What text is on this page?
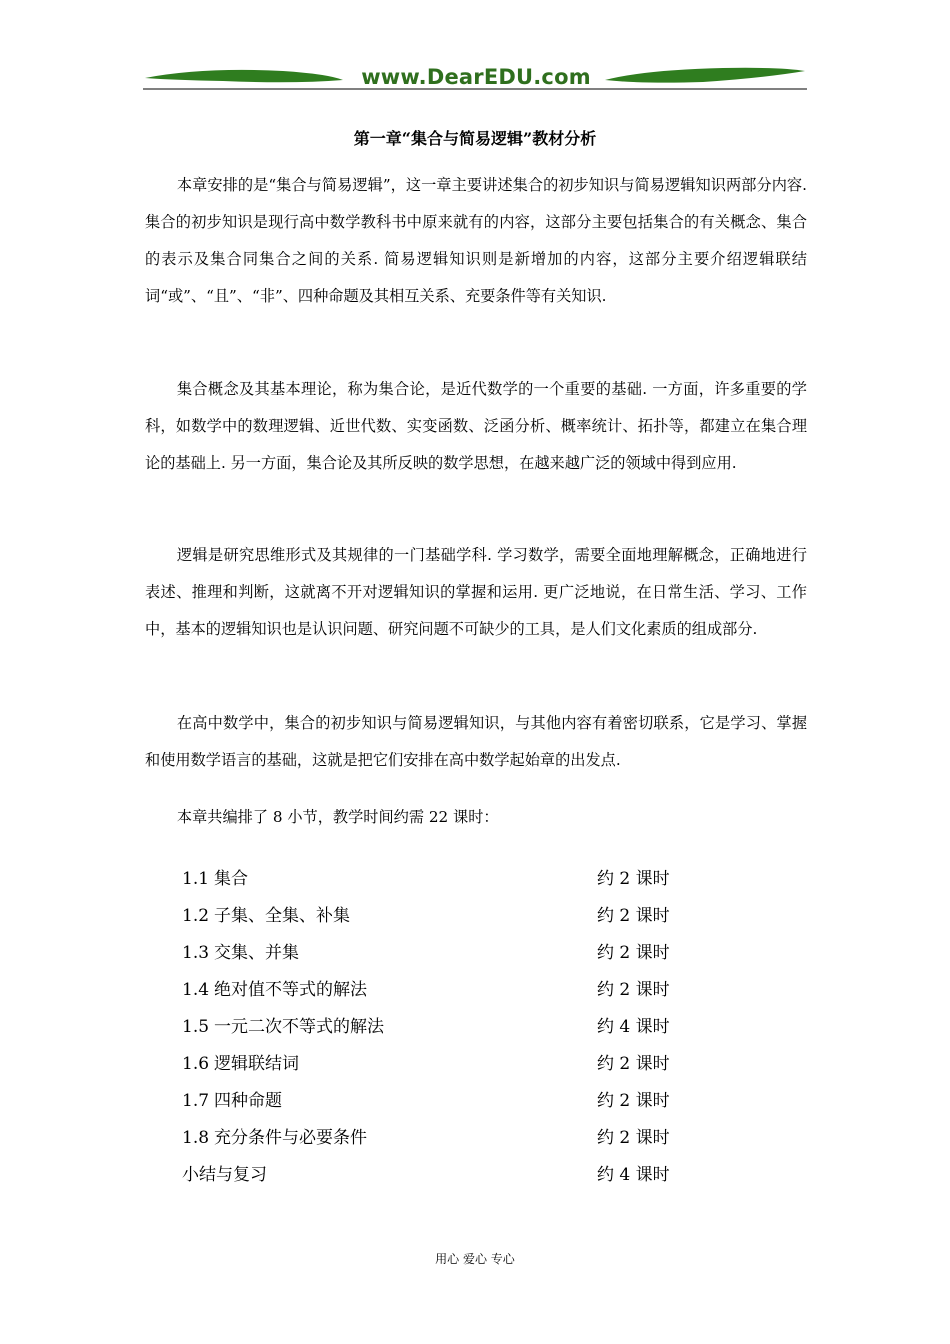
www.DearEDU.com
第一章“集合与简易逻辑”教材分析

本章安排的是“集合与简易逻辑”，这一章主要讲述集合的初步知识与简易逻辑知识两部分内容. 集合的初步知识是现行高中数学教科书中原来就有的内容，这部分主要包括集合的有关概念、集合的表示及集合同集合之间的关系. 简易逻辑知识则是新增加的内容，这部分主要介绍逻辑联结词“或”、“且”、“非”、四种命题及其相互关系、充要条件等有关知识.

集合概念及其基本理论，称为集合论，是近代数学的一个重要的基础. 一方面，许多重要的学科，如数学中的数理逻辑、近世代数、实变函数、泛函分析、概率统计、拓扑等，都建立在集合理论的基础上. 另一方面，集合论及其所反映的数学思想，在越来越广泛的领域中得到应用.

逻辑是研究思维形式及其规律的一门基础学科. 学习数学，需要全面地理解概念，正确地进行表述、推理和判断，这就离不开对逻辑知识的掌握和运用. 更广泛地说，在日常生活、学习、工作中，基本的逻辑知识也是认识问题、研究问题不可缺少的工具，是人们文化素质的组成部分.

在高中数学中，集合的初步知识与简易逻辑知识，与其他内容有着密切联系，它是学习、掌握和使用数学语言的基础，这就是把它们安排在高中数学起始章的出发点.

本章共编排了 8 小节，教学时间约需 22 课时：

1.1 集合	约 2 课时
1.2 子集、全集、补集	约 2 课时
1.3 交集、并集	约 2 课时
1.4 绝对值不等式的解法	约 2 课时
1.5 一元二次不等式的解法	约 4 课时
1.6 逻辑联结词	约 2 课时
1.7 四种命题	约 2 课时
1.8 充分条件与必要条件	约 2 课时
小结与复习	约 4 课时
用心 爱心 专心
